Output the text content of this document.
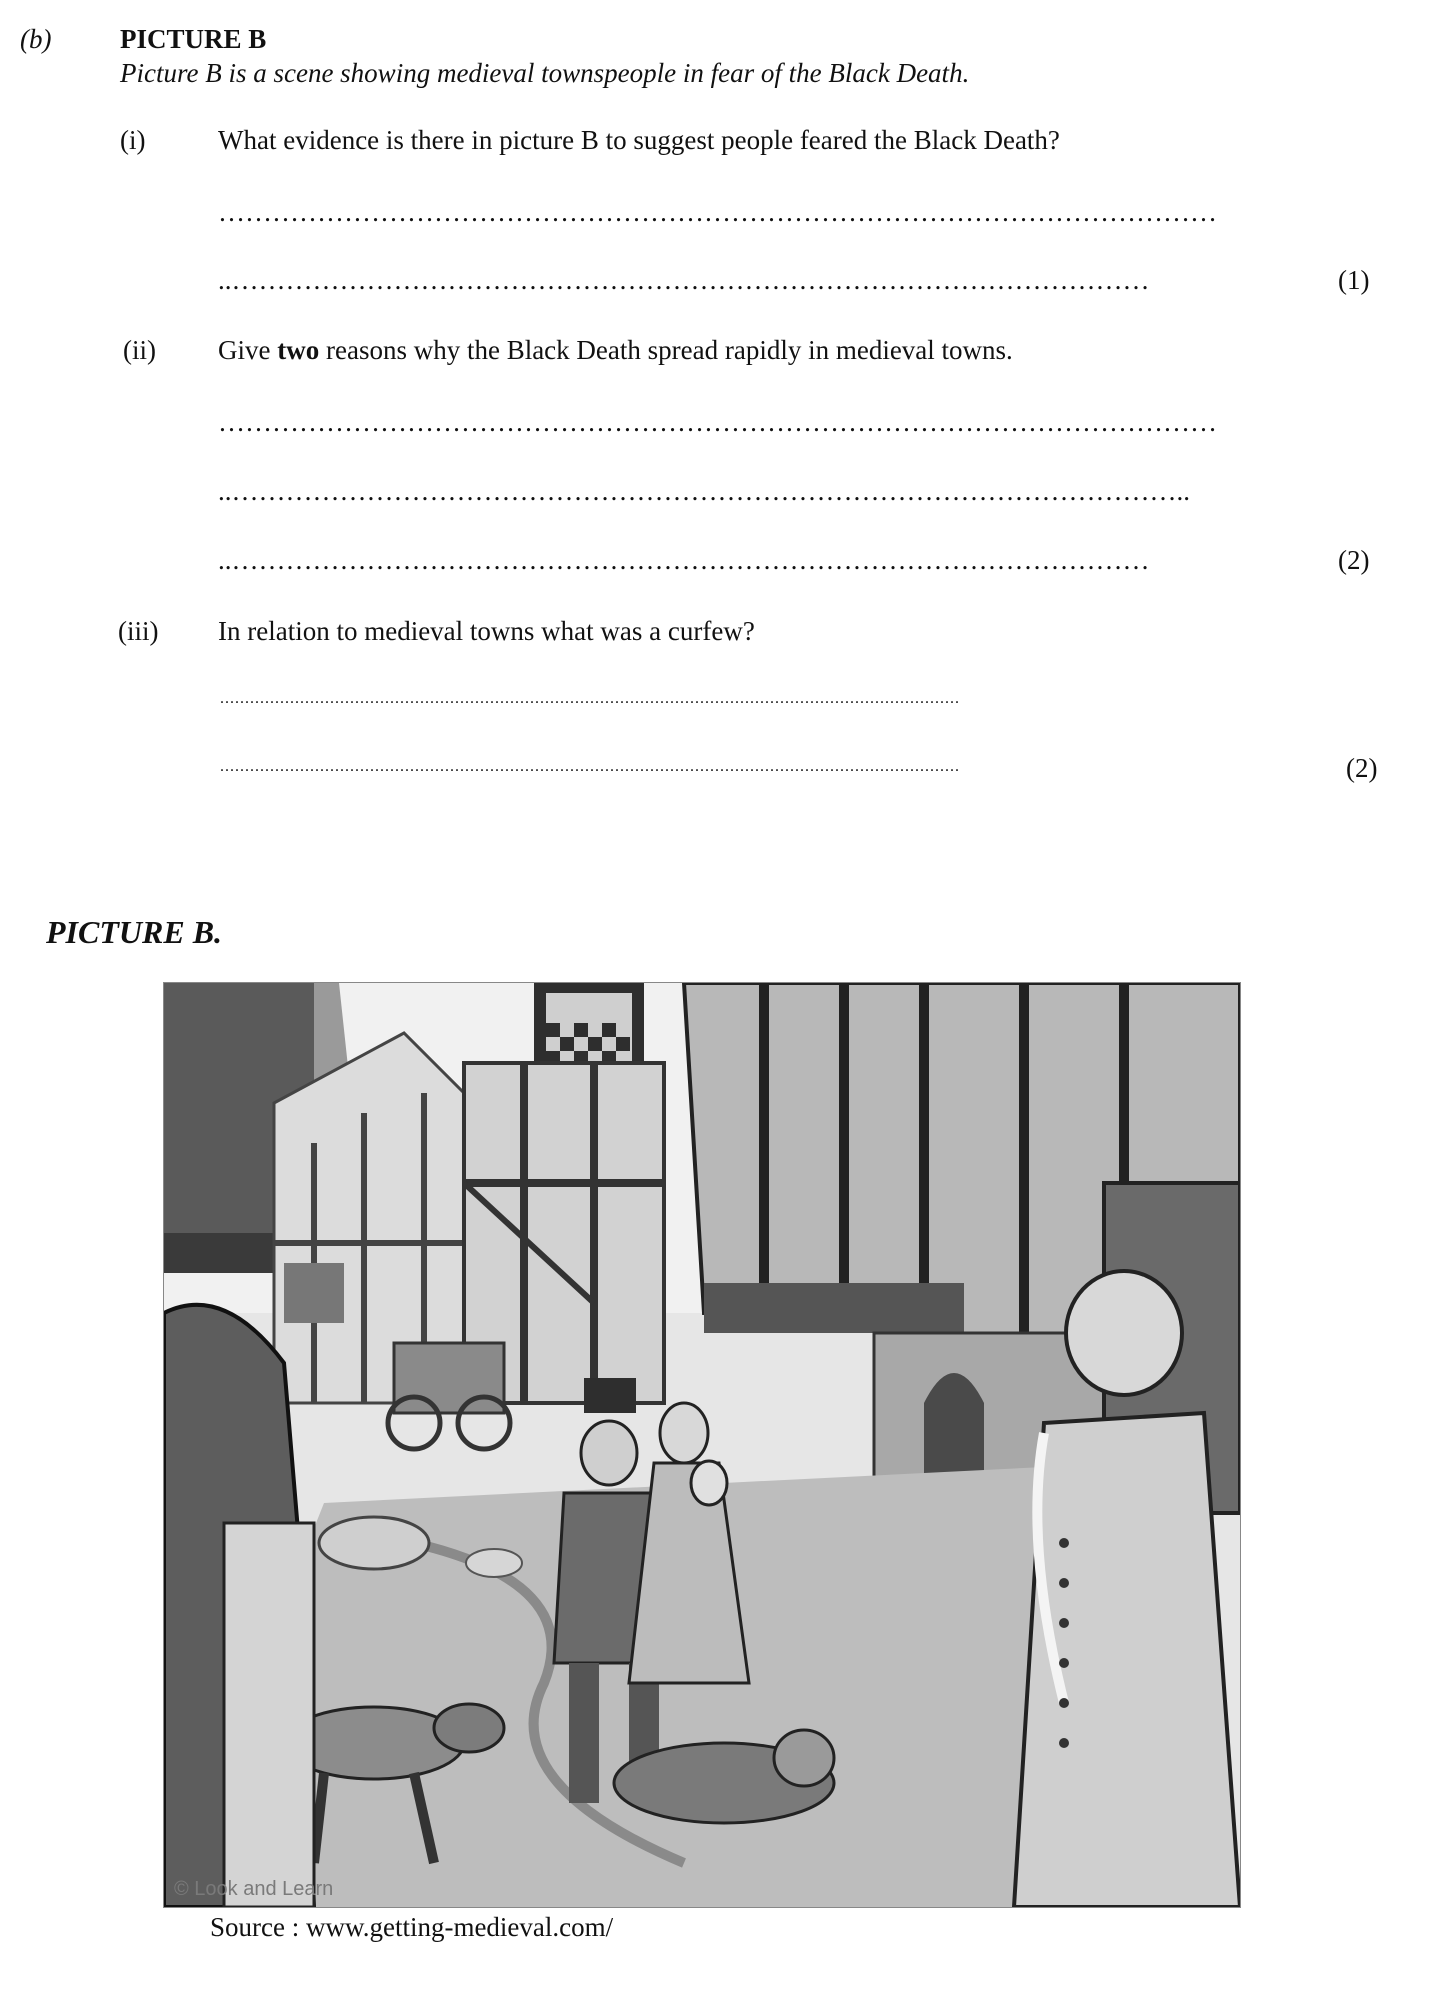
(b)	PICTURE B
Picture B is a scene showing medieval townspeople in fear of the Black Death.
(i)	What evidence is there in picture B to suggest people feared the Black Death?
…………………………………………………………………………………………………
..…………………………………………………………………………………………	(1)
(ii) Give two reasons why the Black Death spread rapidly in medieval towns.
…………………………………………………………………………………………………
..……………………………………………………………………………………………..
..…………………………………………………………………………………………	(2)
(iii) In relation to medieval towns what was a curfew?
....................................................................................................................................................
....................................................................................................................................................	(2)
PICTURE B.
© Look and Learn
Source : www.getting-medieval.com/
